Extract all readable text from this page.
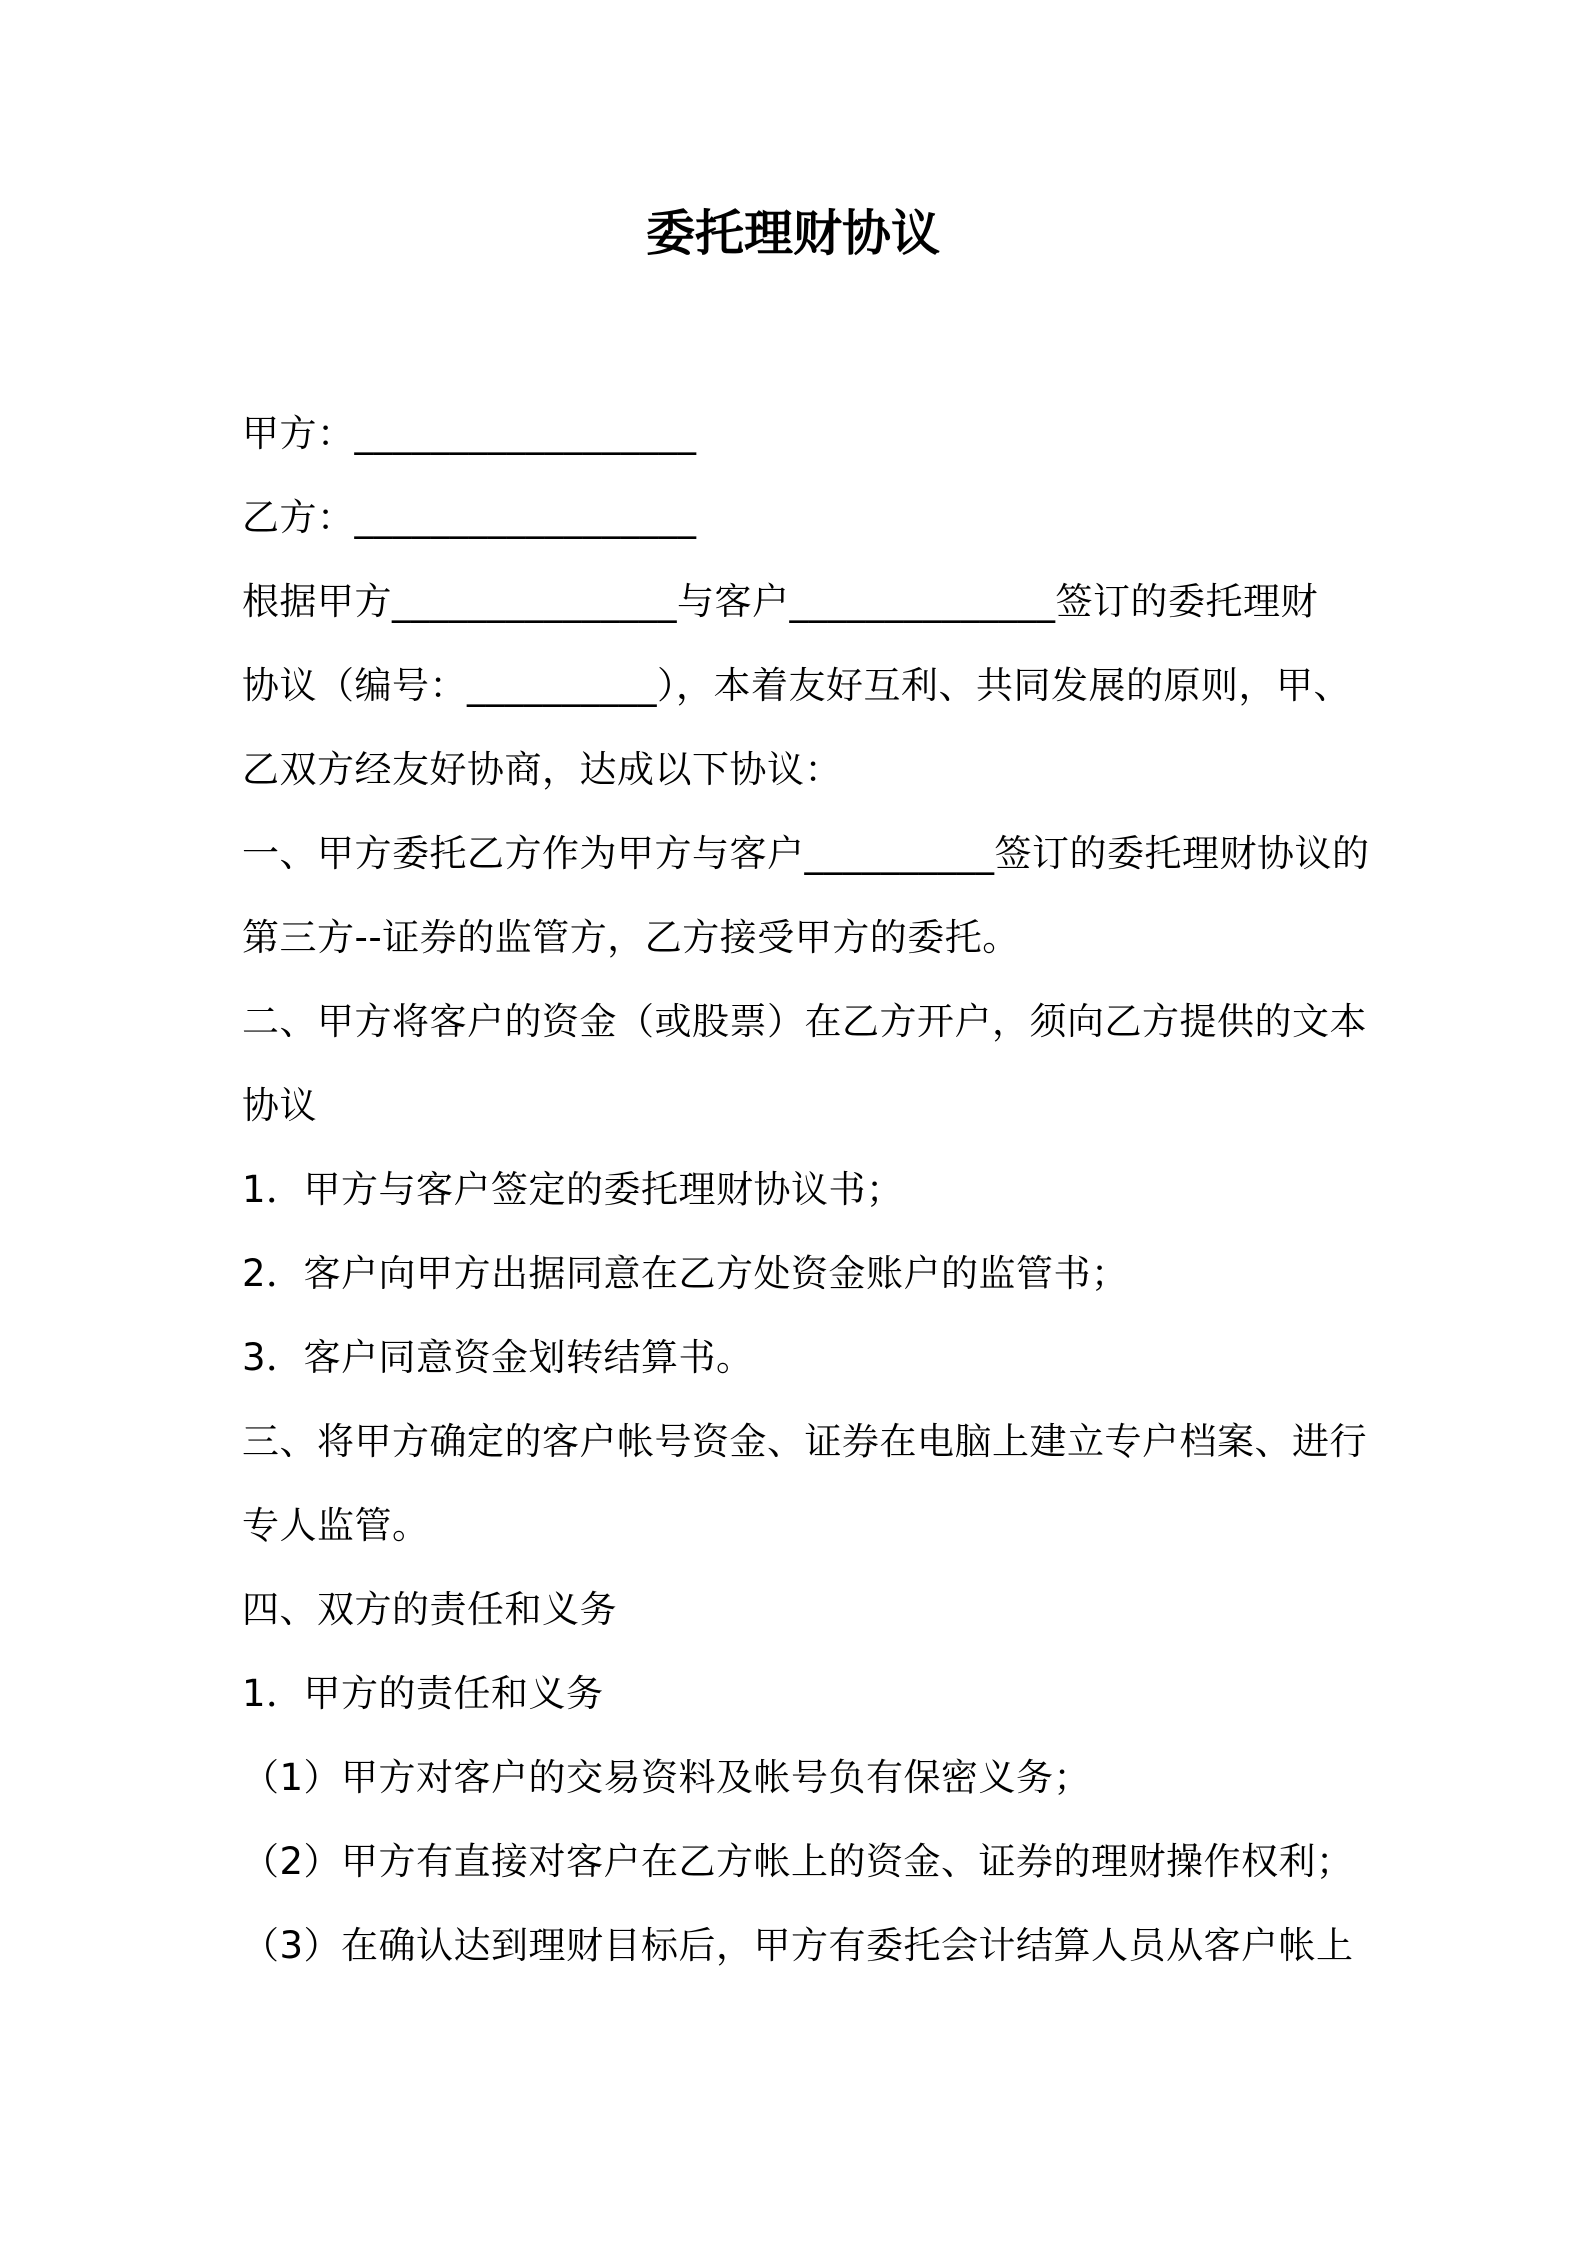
委托理财协议
甲方：__________________
乙方：__________________
根据甲方_______________与客户______________签订的委托理财
协议（编号：__________），本着友好互利、共同发展的原则，甲、
乙双方经友好协商，达成以下协议：
一、甲方委托乙方作为甲方与客户__________签订的委托理财协议的
第三方--证券的监管方，乙方接受甲方的委托。
二、甲方将客户的资金（或股票）在乙方开户，须向乙方提供的文本
协议
1．甲方与客户签定的委托理财协议书；
2．客户向甲方出据同意在乙方处资金账户的监管书；
3．客户同意资金划转结算书。
三、将甲方确定的客户帐号资金、证券在电脑上建立专户档案、进行
专人监管。
四、双方的责任和义务
1．甲方的责任和义务
（1）甲方对客户的交易资料及帐号负有保密义务；
（2）甲方有直接对客户在乙方帐上的资金、证券的理财操作权利；
（3）在确认达到理财目标后，甲方有委托会计结算人员从客户帐上
